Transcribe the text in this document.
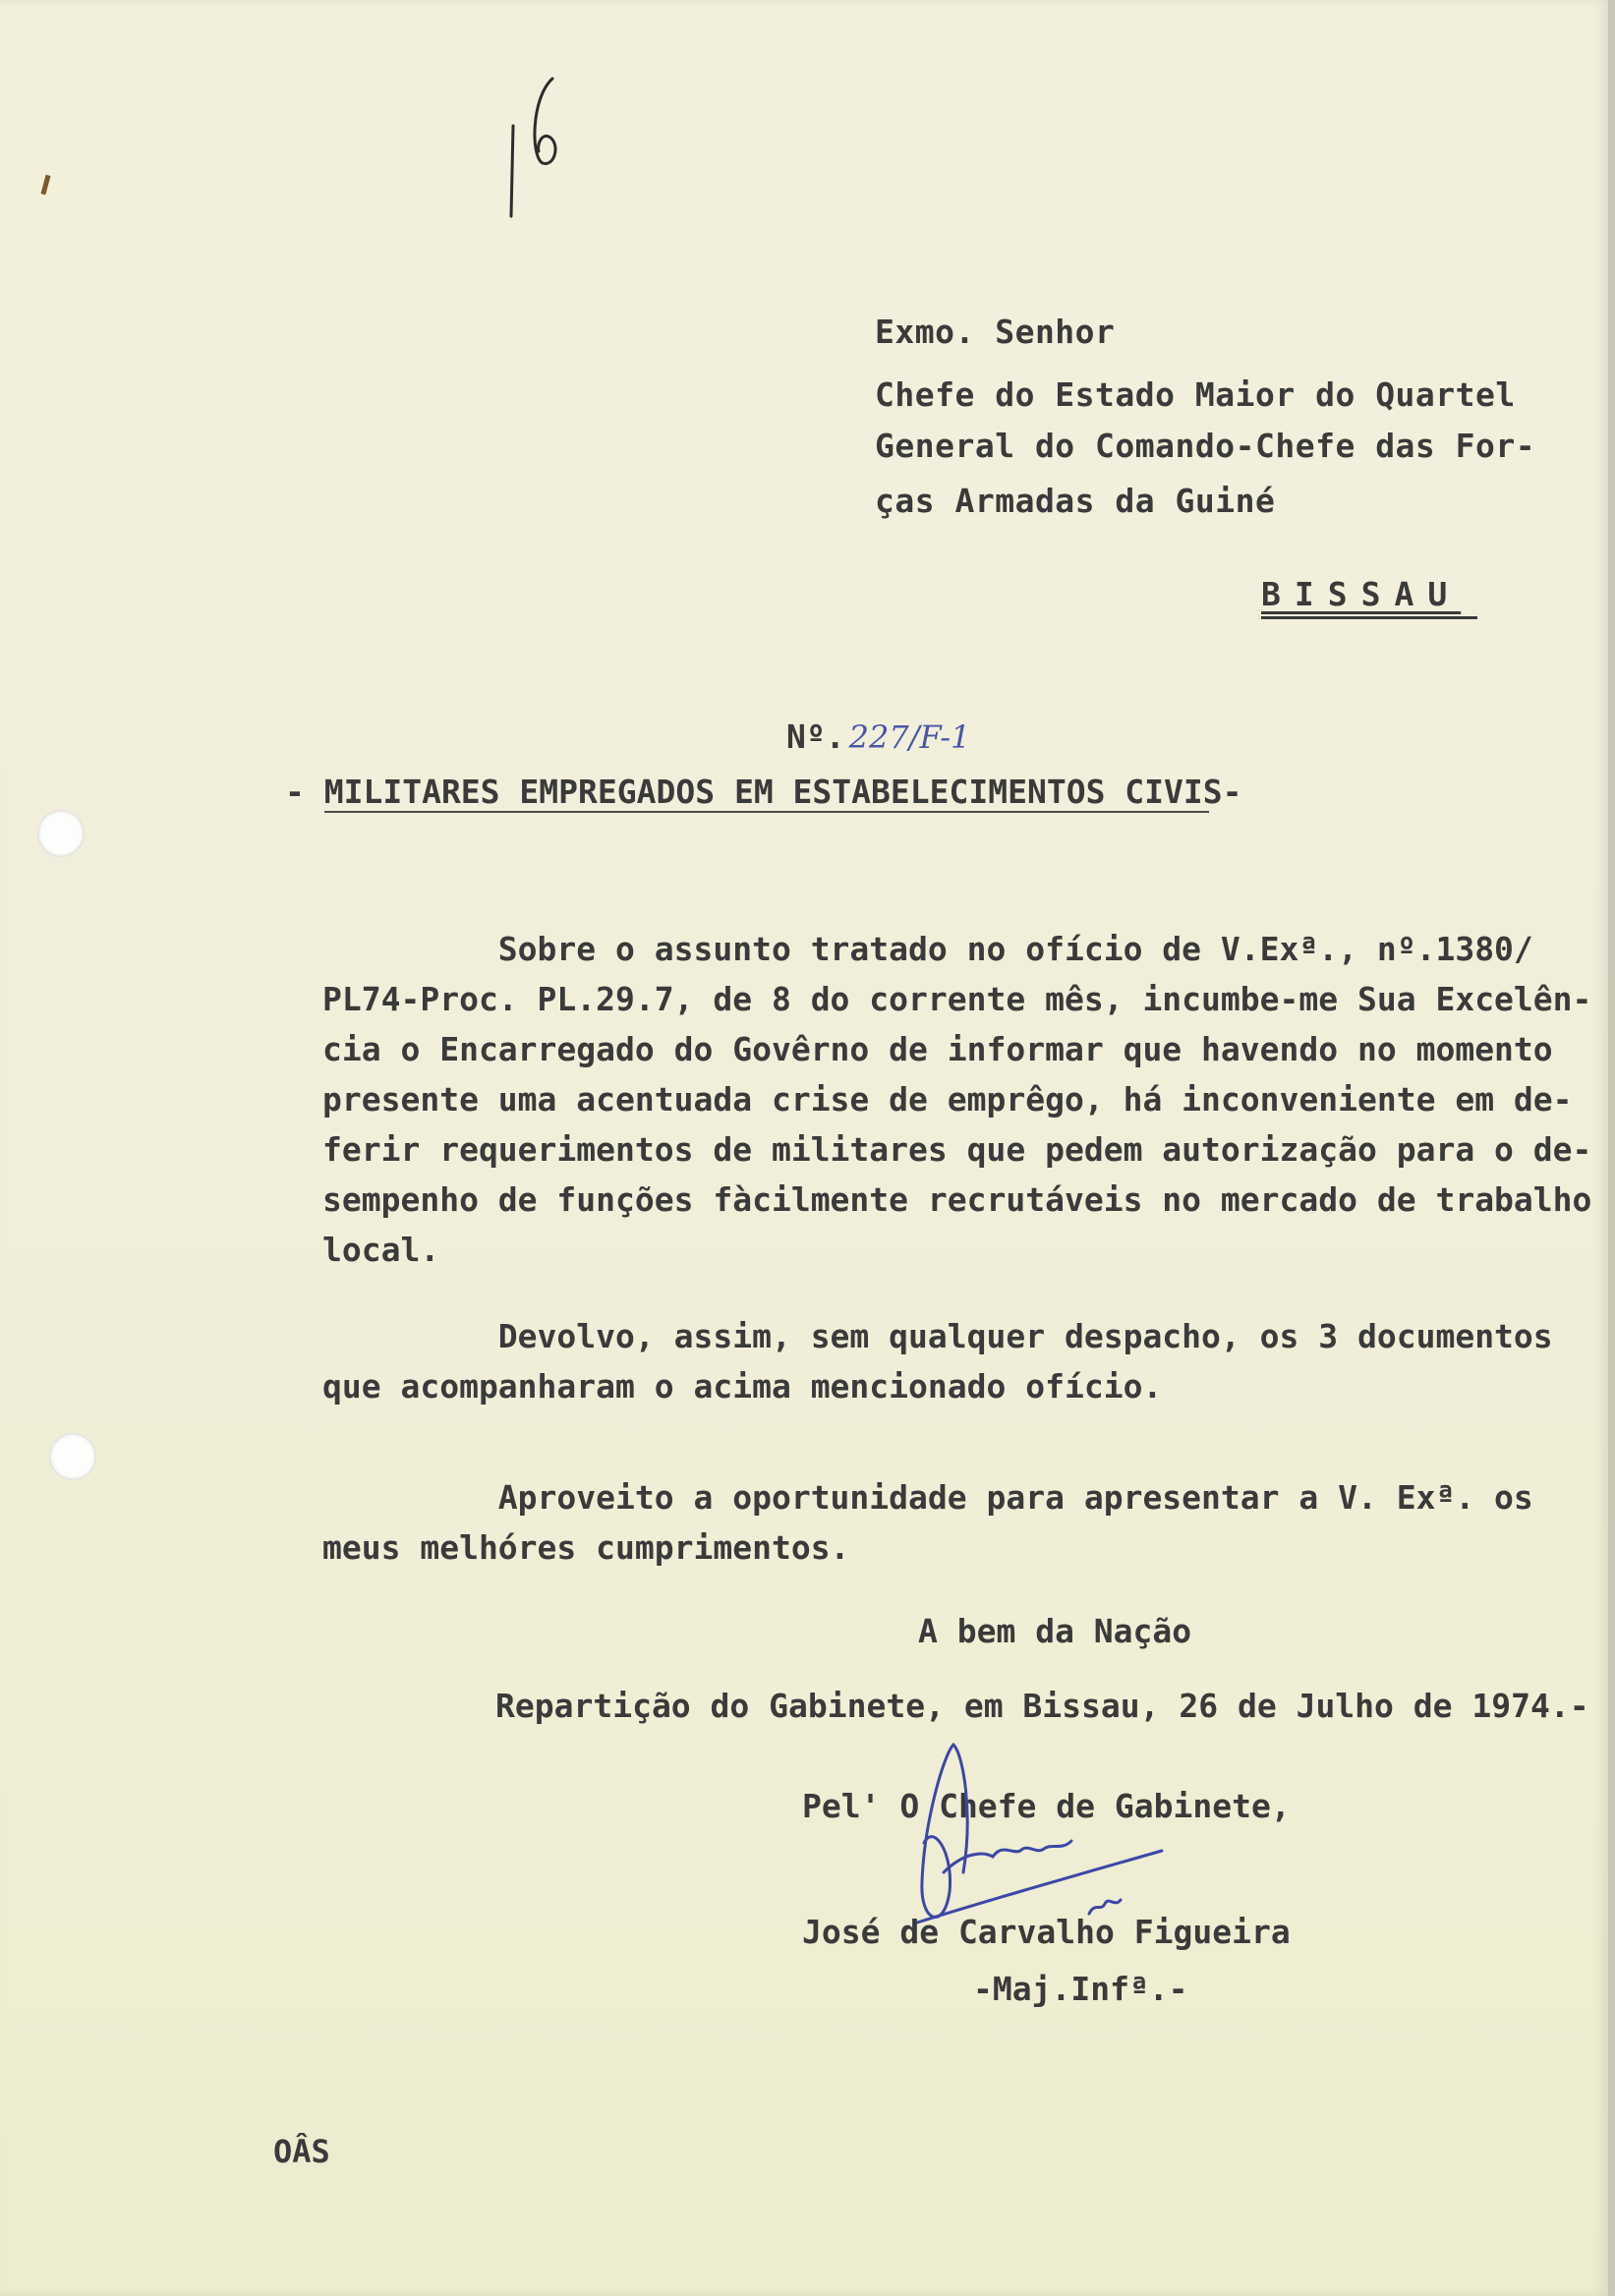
Exmo. Senhor
Chefe do Estado Maior do Quartel
General do Comando-Chefe das For-
ças Armadas da Guiné
BISSAU
Nº. 227/F-1
- MILITARES EMPREGADOS EM ESTABELECIMENTOS CIVIS-
Sobre o assunto tratado no ofício de V.Exª., nº.1380/
PL74-Proc. PL.29.7, de 8 do corrente mês, incumbe-me Sua Excelên-
cia o Encarregado do Govêrno de informar que havendo no momento
presente uma acentuada crise de emprêgo, há inconveniente em de-
ferir requerimentos de militares que pedem autorização para o de-
sempenho de funções fàcilmente recrutáveis no mercado de trabalho
local.
Devolvo, assim, sem qualquer despacho, os 3 documentos
que acompanharam o acima mencionado ofício.
Aproveito a oportunidade para apresentar a V. Exª. os
meus melhóres cumprimentos.
A bem da Nação
Repartição do Gabinete, em Bissau, 26 de Julho de 1974.-
Pel' O Chefe de Gabinete,
José de Carvalho Figueira
-Maj.Infª.-
OÂS
